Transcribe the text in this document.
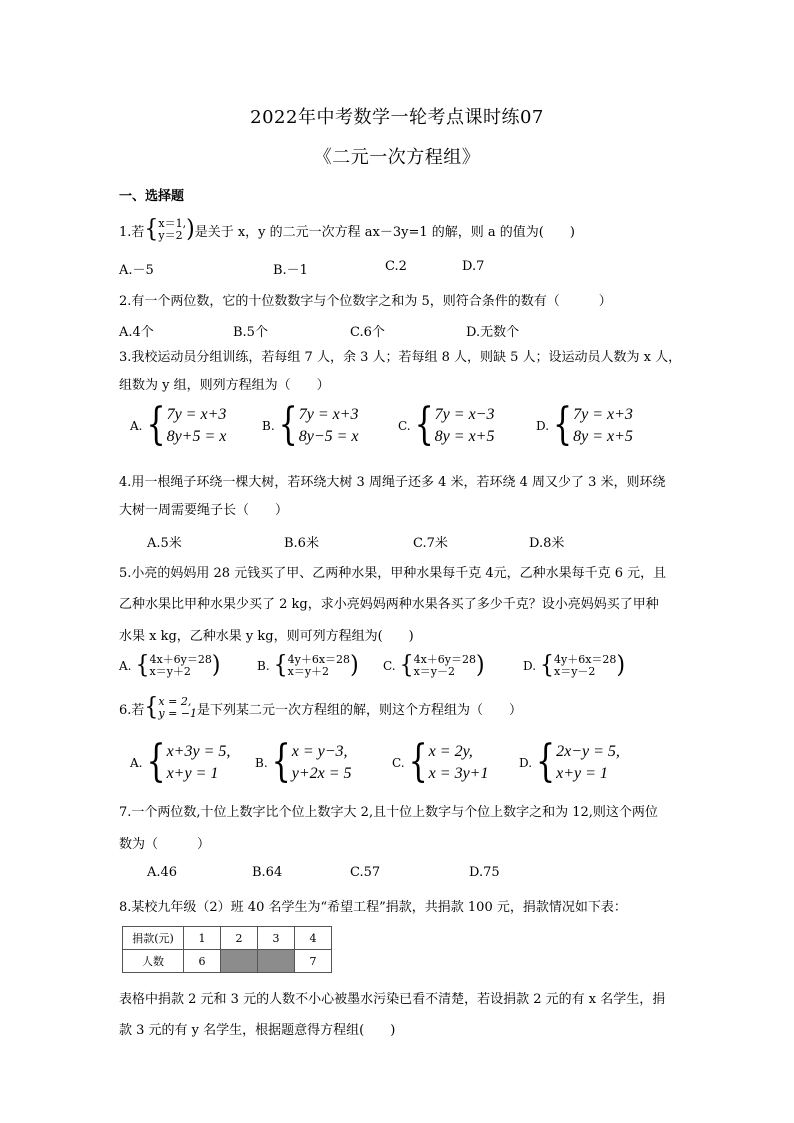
2022年中考数学一轮考点课时练07
《二元一次方程组》
一、选择题
1.若 { x＝1,
y＝2 ) 是关于 x，y 的二元一次方程 ax－3y=1 的解，则 a 的值为(　　)
A.－5	B.－1	C.2	D.7
2.有一个两位数，它的十位数数字与个位数字之和为 5，则符合条件的数有（　　　）
A.4个	B.5个	C.6个	D.无数个
3.我校运动员分组训练，若每组 7 人，余 3 人；若每组 8 人，则缺 5 人；设运动员人数为 x 人，
组数为 y 组，则列方程组为（　　）
A. { 7y = x+3
8y+5 = x
B. { 7y = x+3
8y−5 = x
C. { 7y = x−3
8y = x+5
D. { 7y = x+3
8y = x+5
4.用一根绳子环绕一棵大树，若环绕大树 3 周绳子还多 4 米，若环绕 4 周又少了 3 米，则环绕
大树一周需要绳子长（　　）
A.5米	B.6米	C.7米	D.8米
5.小亮的妈妈用 28 元钱买了甲、乙两种水果，甲种水果每千克 4元，乙种水果每千克 6 元，且
乙种水果比甲种水果少买了 2 kg，求小亮妈妈两种水果各买了多少千克？设小亮妈妈买了甲种
水果 x kg，乙种水果 y kg，则可列方程组为(　　)
A. { 4x＋6y＝28
x＝y＋2 )	B. { 4y＋6x＝28
x＝y＋2 ) C. { 4x＋6y＝28
x＝y－2 )	D. { 4y＋6x＝28
x＝y－2 )
6.若 { x = 2,
y = −1 是下列某二元一次方程组的解，则这个方程组为（　　）
A. { x+3y = 5,
x+y = 1
B. { x = y−3,
y+2x = 5
C. { x = 2y,
x = 3y+1
D. { 2x−y = 5,
x+y = 1
7.一个两位数,十位上数字比个位上数字大 2,且十位上数字与个位上数字之和为 12,则这个两位
数为（　　　）
A.46	B.64	C.57	D.75
8.某校九年级（2）班 40 名学生为“希望工程”捐款，共捐款 100 元，捐款情况如下表：
捐款(元)	1	2	3	4
人数	6			7
表格中捐款 2 元和 3 元的人数不小心被墨水污染已看不清楚，若设捐款 2 元的有 x 名学生，捐
款 3 元的有 y 名学生，根据题意得方程组(　　)
